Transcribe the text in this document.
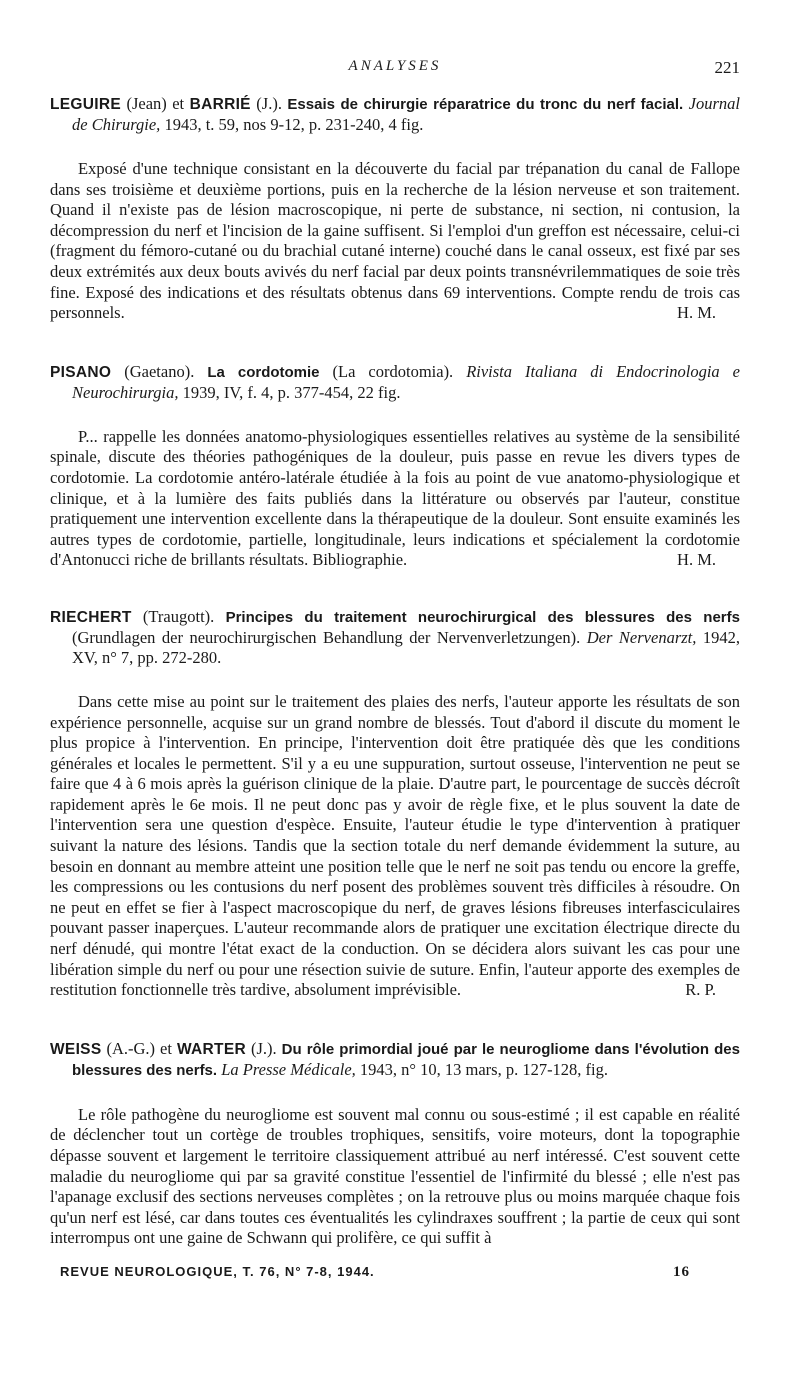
ANALYSES	221

LEGUIRE (Jean) et BARRIÉ (J.). Essais de chirurgie réparatrice du tronc du nerf facial. Journal de Chirurgie, 1943, t. 59, nos 9-12, p. 231-240, 4 fig.

Exposé d'une technique consistant en la découverte du facial par trépanation du canal de Fallope dans ses troisième et deuxième portions, puis en la recherche de la lésion nerveuse et son traitement. Quand il n'existe pas de lésion macroscopique, ni perte de substance, ni section, ni contusion, la décompression du nerf et l'incision de la gaine suffisent. Si l'emploi d'un greffon est nécessaire, celui-ci (fragment du fémoro-cutané ou du brachial cutané interne) couché dans le canal osseux, est fixé par ses deux extrémités aux deux bouts avivés du nerf facial par deux points transnévrilemmatiques de soie très fine. Exposé des indications et des résultats obtenus dans 69 interventions. Compte rendu de trois cas personnels.	H. M.

PISANO (Gaetano). La cordotomie (La cordotomia). Rivista Italiana di Endocrinologia e Neurochirurgia, 1939, IV, f. 4, p. 377-454, 22 fig.

P... rappelle les données anatomo-physiologiques essentielles relatives au système de la sensibilité spinale, discute des théories pathogéniques de la douleur, puis passe en revue les divers types de cordotomie. La cordotomie antéro-latérale étudiée à la fois au point de vue anatomo-physiologique et clinique, et à la lumière des faits publiés dans la littérature ou observés par l'auteur, constitue pratiquement une intervention excellente dans la thérapeutique de la douleur. Sont ensuite examinés les autres types de cordotomie, partielle, longitudinale, leurs indications et spécialement la cordotomie d'Antonucci riche de brillants résultats. Bibliographie.	H. M.

RIECHERT (Traugott). Principes du traitement neurochirurgical des blessures des nerfs (Grundlagen der neurochirurgischen Behandlung der Nervenverletzungen). Der Nervenarzt, 1942, XV, n° 7, pp. 272-280.

Dans cette mise au point sur le traitement des plaies des nerfs, l'auteur apporte les résultats de son expérience personnelle, acquise sur un grand nombre de blessés. Tout d'abord il discute du moment le plus propice à l'intervention. En principe, l'intervention doit être pratiquée dès que les conditions générales et locales le permettent. S'il y a eu une suppuration, surtout osseuse, l'intervention ne peut se faire que 4 à 6 mois après la guérison clinique de la plaie. D'autre part, le pourcentage de succès décroît rapidement après le 6e mois. Il ne peut donc pas y avoir de règle fixe, et le plus souvent la date de l'intervention sera une question d'espèce. Ensuite, l'auteur étudie le type d'intervention à pratiquer suivant la nature des lésions. Tandis que la section totale du nerf demande évidemment la suture, au besoin en donnant au membre atteint une position telle que le nerf ne soit pas tendu ou encore la greffe, les compressions ou les contusions du nerf posent des problèmes souvent très difficiles à résoudre. On ne peut en effet se fier à l'aspect macroscopique du nerf, de graves lésions fibreuses interfasciculaires pouvant passer inaperçues. L'auteur recommande alors de pratiquer une excitation électrique directe du nerf dénudé, qui montre l'état exact de la conduction. On se décidera alors suivant les cas pour une libération simple du nerf ou pour une résection suivie de suture. Enfin, l'auteur apporte des exemples de restitution fonctionnelle très tardive, absolument imprévisible.	R. P.

WEISS (A.-G.) et WARTER (J.). Du rôle primordial joué par le neurogliome dans l'évolution des blessures des nerfs. La Presse Médicale, 1943, n° 10, 13 mars, p. 127-128, fig.

Le rôle pathogène du neurogliome est souvent mal connu ou sous-estimé ; il est capable en réalité de déclencher tout un cortège de troubles trophiques, sensitifs, voire moteurs, dont la topographie dépasse souvent et largement le territoire classiquement attribué au nerf intéressé. C'est souvent cette maladie du neurogliome qui par sa gravité constitue l'essentiel de l'infirmité du blessé ; elle n'est pas l'apanage exclusif des sections nerveuses complètes ; on la retrouve plus ou moins marquée chaque fois qu'un nerf est lésé, car dans toutes ces éventualités les cylindraxes souffrent ; la partie de ceux qui sont interrompus ont une gaine de Schwann qui prolifère, ce qui suffit à

REVUE NEUROLOGIQUE, T. 76, N° 7-8, 1944.	16
